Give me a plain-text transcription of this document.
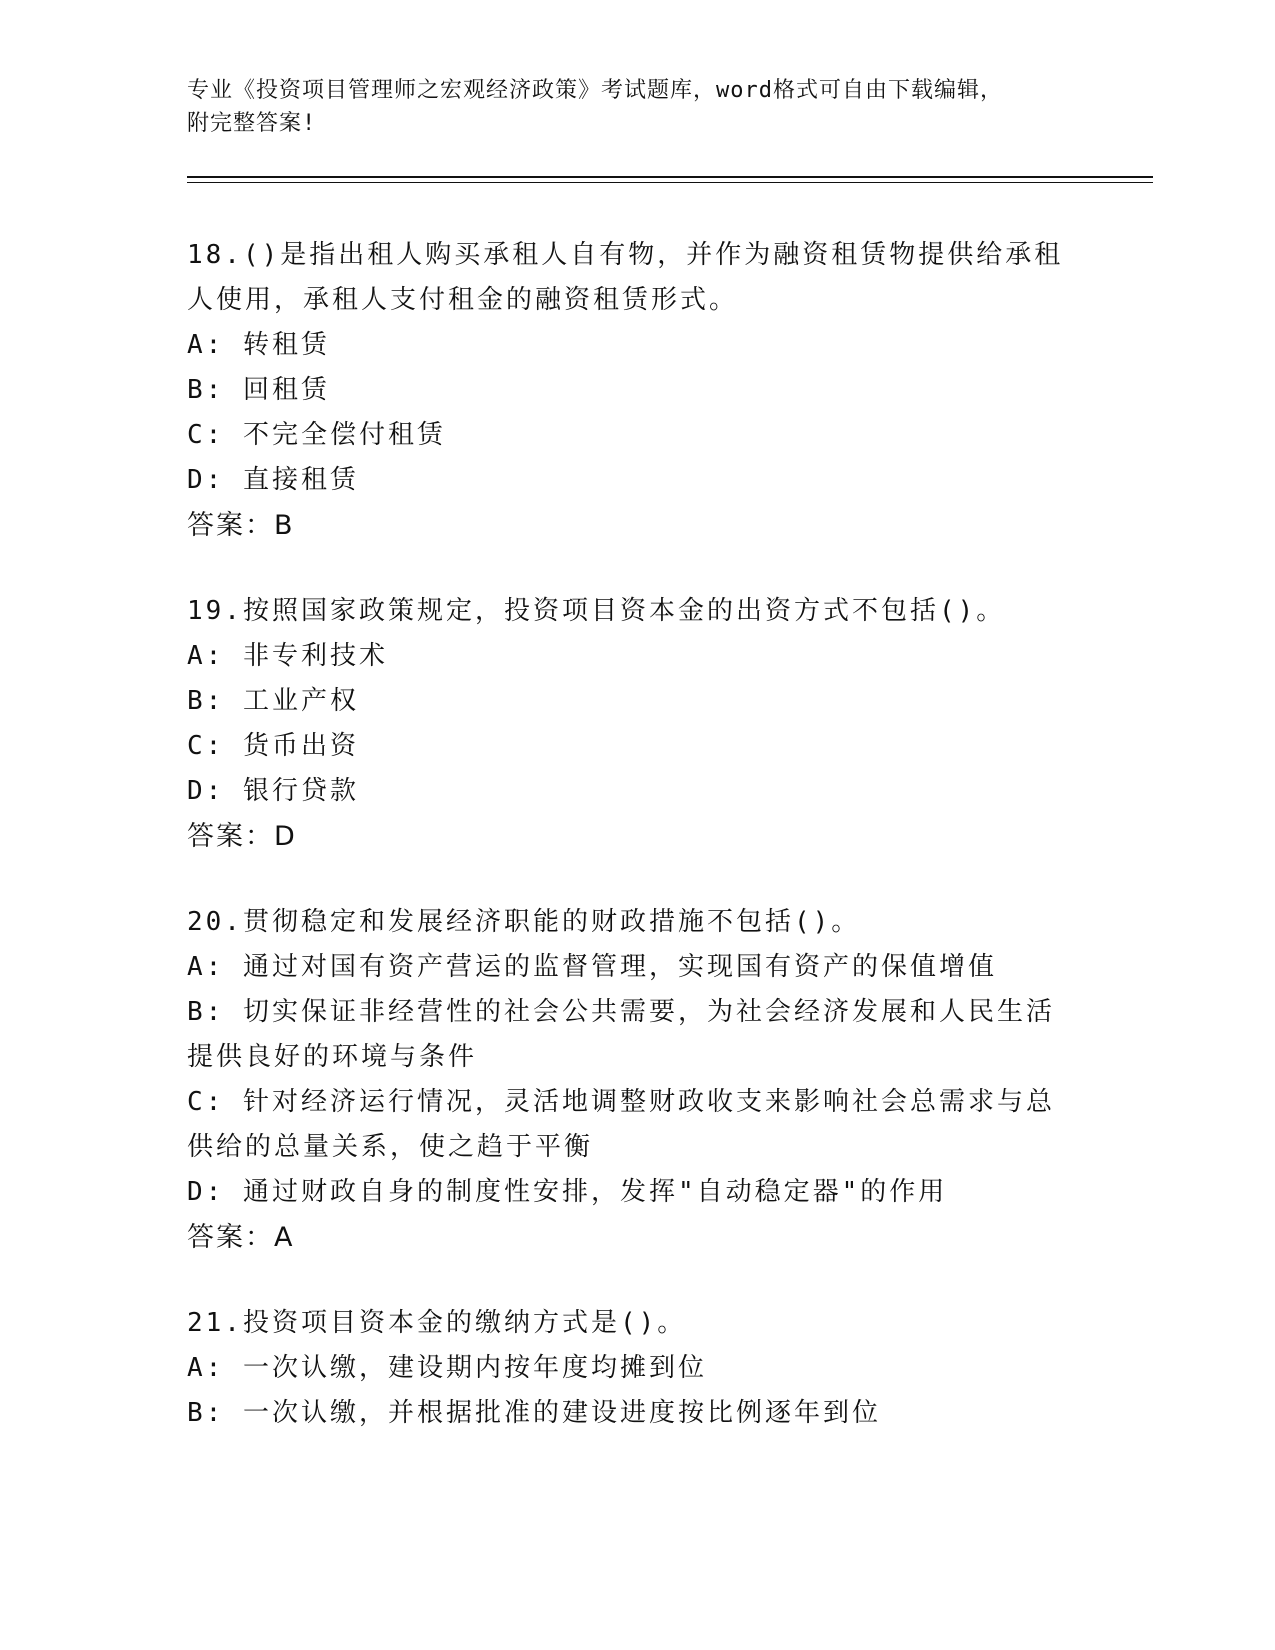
专业《投资项目管理师之宏观经济政策》考试题库，word格式可自由下载编辑，
附完整答案!

18.()是指出租人购买承租人自有物，并作为融资租赁物提供给承租人使用，承租人支付租金的融资租赁形式。

A: 转租赁

B: 回租赁

C: 不完全偿付租赁

D: 直接租赁

答案：B

19.按照国家政策规定，投资项目资本金的出资方式不包括()。

A: 非专利技术

B: 工业产权

C: 货币出资

D: 银行贷款

答案：D

20.贯彻稳定和发展经济职能的财政措施不包括()。

A: 通过对国有资产营运的监督管理，实现国有资产的保值增值

B: 切实保证非经营性的社会公共需要，为社会经济发展和人民生活提供良好的环境与条件

C: 针对经济运行情况，灵活地调整财政收支来影响社会总需求与总供给的总量关系，使之趋于平衡

D: 通过财政自身的制度性安排，发挥"自动稳定器"的作用

答案：A

21.投资项目资本金的缴纳方式是()。

A: 一次认缴，建设期内按年度均摊到位

B: 一次认缴，并根据批准的建设进度按比例逐年到位
